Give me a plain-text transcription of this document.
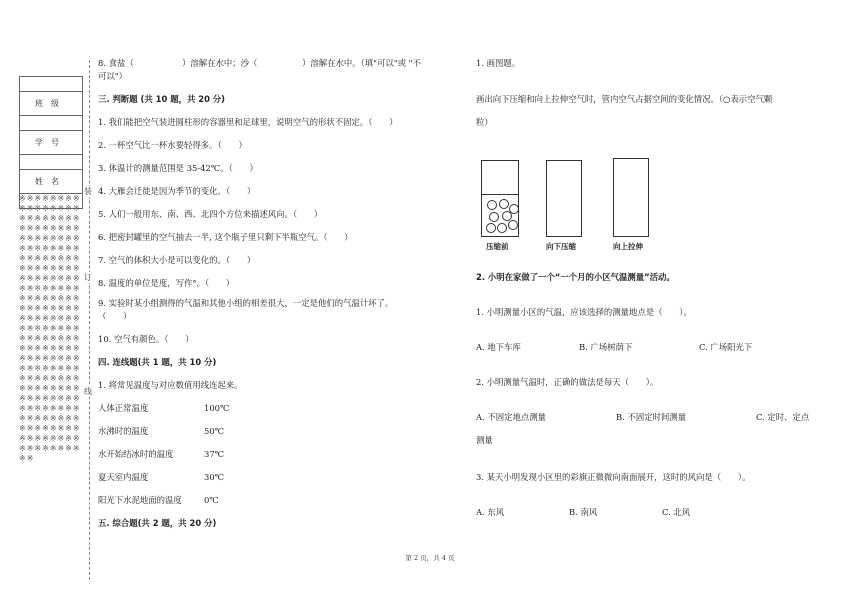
班级
学号
姓名
※※※※※※※※※※※※※※※※※※※※※※※※※※※※※※※※※※※※※※※※※※※※※※※※※※※※※※※※※※※※※※※※※※※※※※※※※※※※※※※※※※※※※※※※※※※※※※※※※※※※※※※※※※※※※※※※※※※※※※※※※※※※※※※※※※※※※※※※※※※※※※※※※※※※※※※※※※※※※※※※※※※※※※※※※※※※※※※※※※※※※※※※※※※※※※※※※※※※※※※※※※※※※※※※※※
装
订
线
8. 食盐（	）溶解在水中；沙（	）溶解在水中。（填"可以"或 "不
可以"）
三. 判断题 (共 10 题，共 20 分)
1. 我们能把空气装进圆柱形的容器里和足球里，说明空气的形状不固定。（　　）
2. 一杯空气比一杯水要轻得多。（　　）
3. 体温计的测量范围是 35-42℃。（　　）
4. 大雁会迁徙是因为季节的变化。（　　）
5. 人们一般用东、南、西、北四个方位来描述风向。（　　）
6. 把密封罐里的空气抽去一半, 这个瓶子里只剩下半瓶空气。（　　）
7. 空气的体积大小是可以变化的。（　　）
8. 温度的单位是度，写作°。（　　）
9. 实验时某小组测得的气温和其他小组的相差很大，一定是他们的气温计坏了。
（　　）
10. 空气有颜色。（　　）
四. 连线题(共 1 题，共 10 分)
1. 将常见温度与对应数值用线连起来。
人体正常温度	100℃
水沸时的温度	50℃
水开始结冰时的温度	37℃
夏天室内温度	30℃
阳光下水泥地面的温度	0℃
五. 综合题(共 2 题，共 20 分)
1. 画图题。
画出向下压缩和向上拉伸空气时，管内空气占据空间的变化情况。（○表示空气颗
粒）
压缩前	向下压缩	向上拉伸
2. 小明在家做了一个“一个月的小区气温测量”活动。
1. 小明测量小区的气温，应该选择的测量地点是（　　）。
A. 地下车库	B. 广场树荫下	C. 广场阳光下
2. 小明测量气温时，正确的做法是每天（　　）。
A. 不固定地点测量	B. 不固定时间测量	C. 定时、定点
测量
3. 某天小明发现小区里的彩旗正微微向南面展开，这时的风向是（　　）。
A. 东风	B. 南风	C. 北风
第 2 页，共 4 页
